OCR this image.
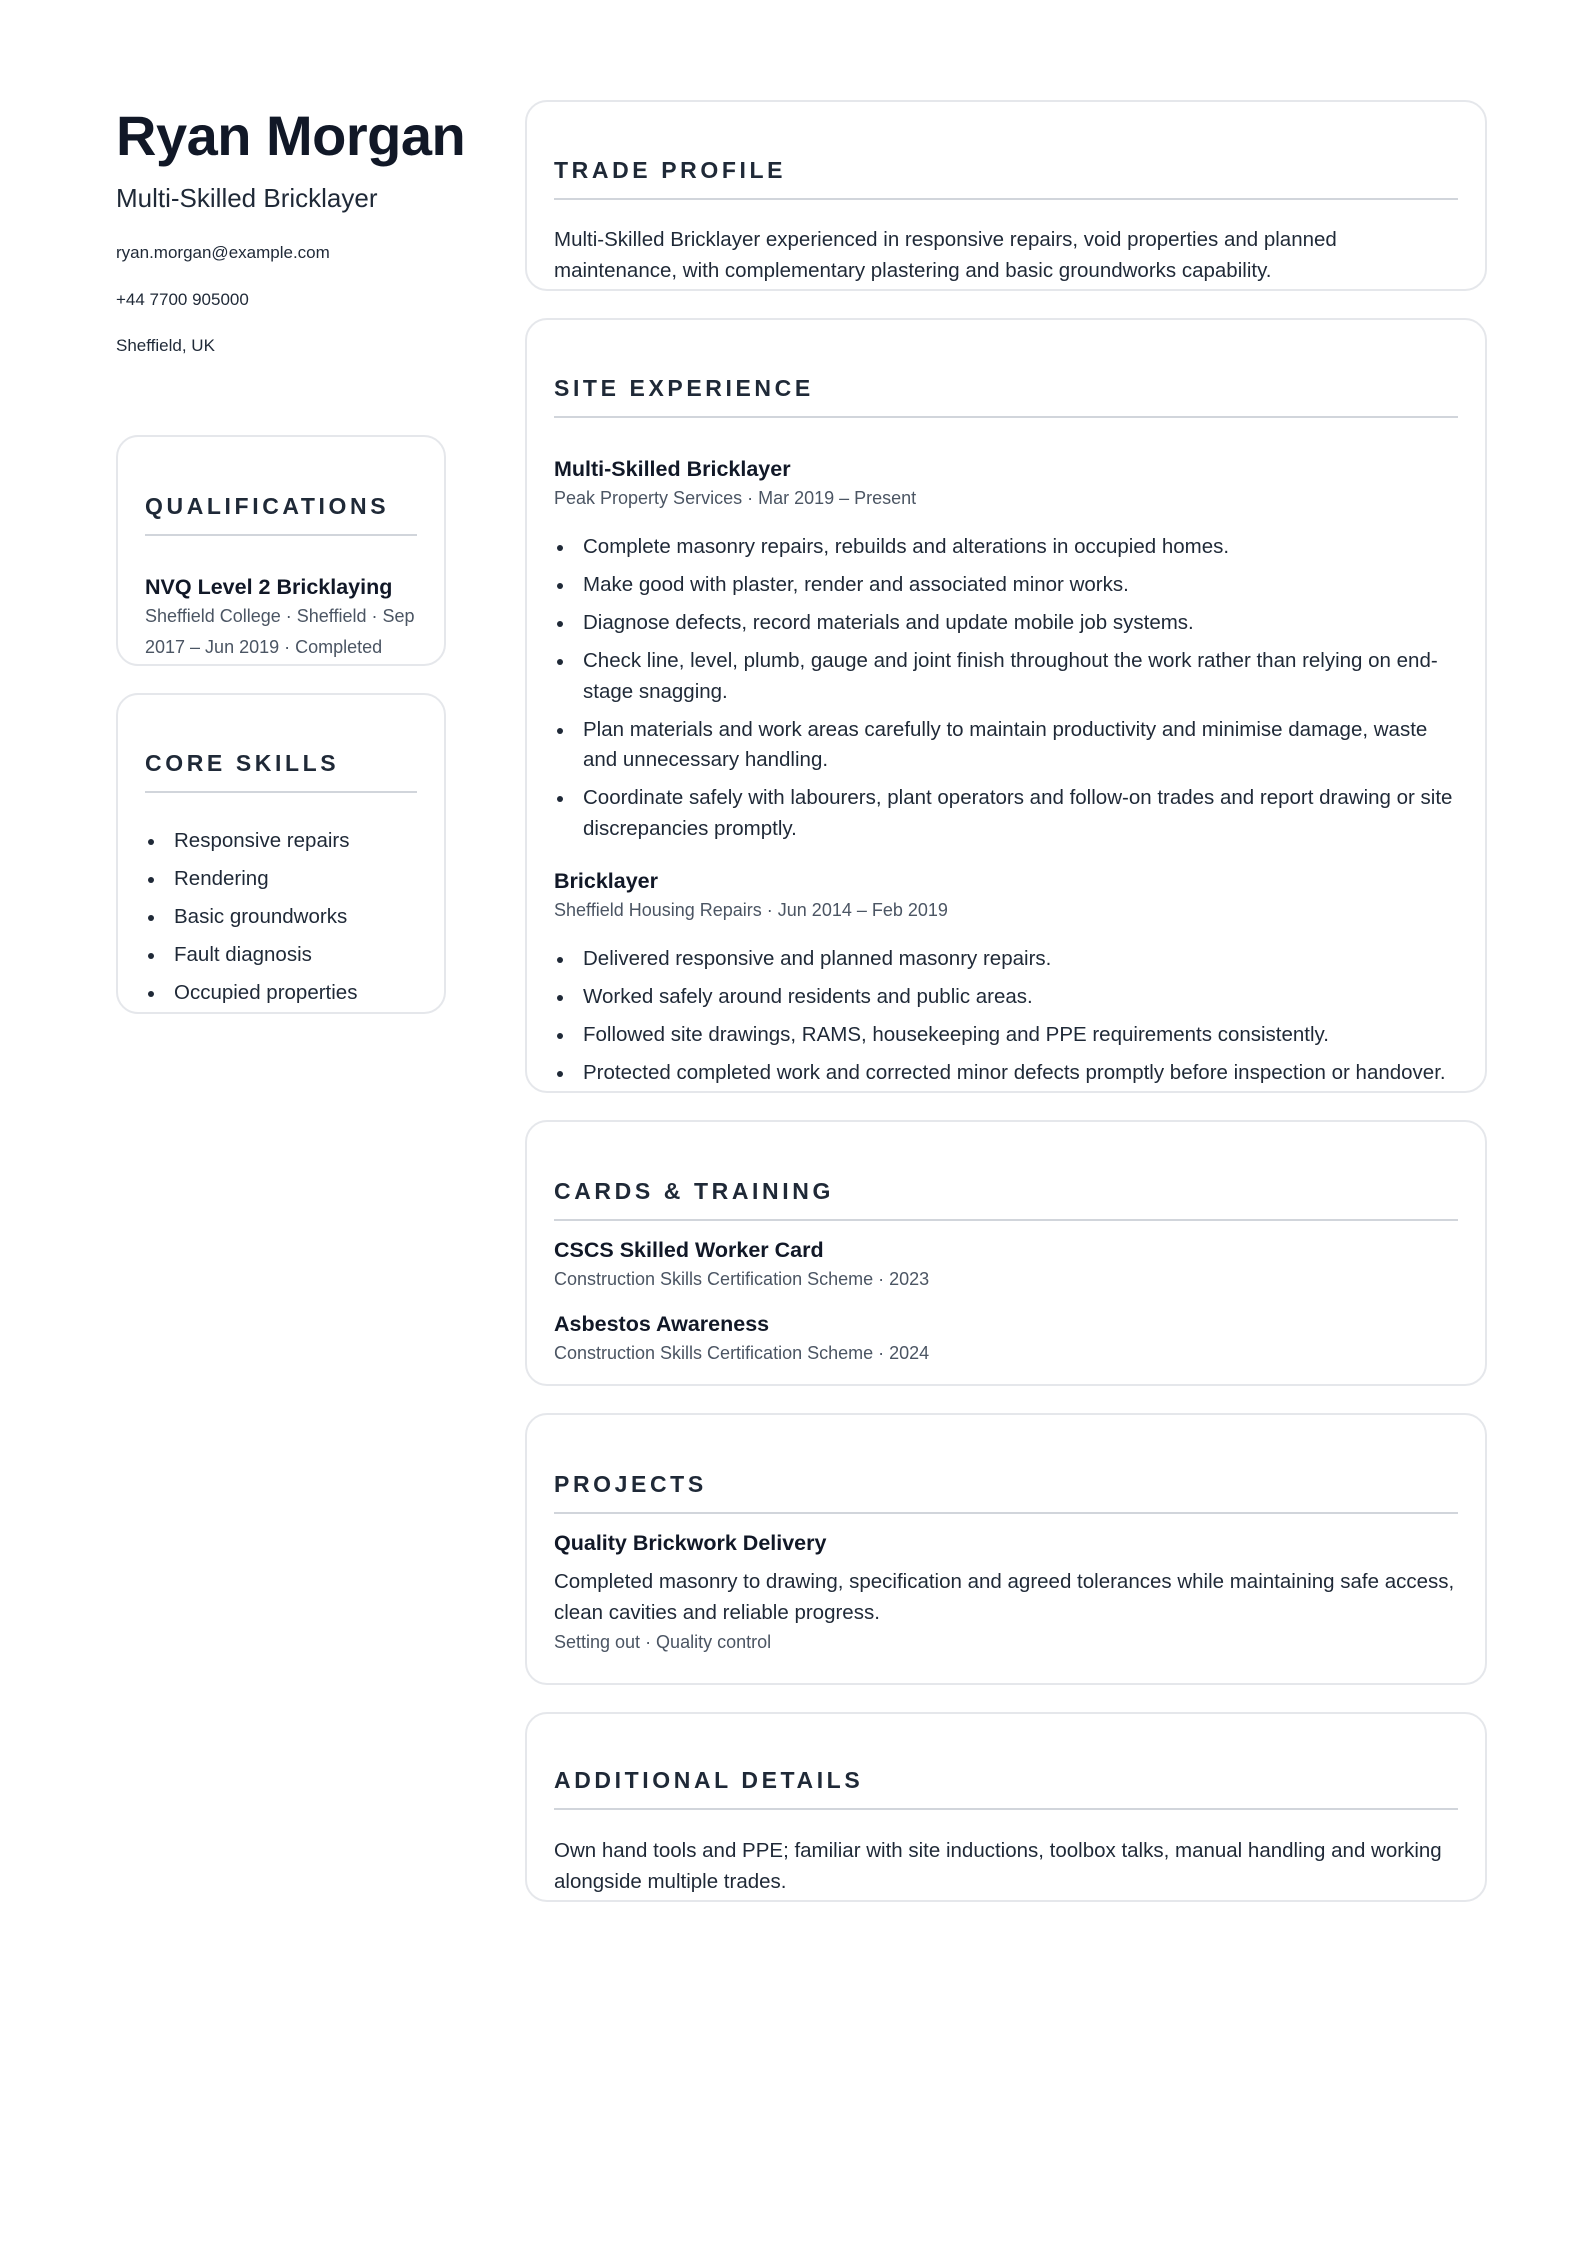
Ryan Morgan
Multi-Skilled Bricklayer
ryan.morgan@example.com
+44 7700 905000
Sheffield, UK
QUALIFICATIONS
NVQ Level 2 Bricklaying
Sheffield College · Sheffield · Sep 2017 – Jun 2019 · Completed
CORE SKILLS
Responsive repairs
Rendering
Basic groundworks
Fault diagnosis
Occupied properties
TRADE PROFILE
Multi-Skilled Bricklayer experienced in responsive repairs, void properties and planned maintenance, with complementary plastering and basic groundworks capability.
SITE EXPERIENCE
Multi-Skilled Bricklayer
Peak Property Services · Mar 2019 – Present
Complete masonry repairs, rebuilds and alterations in occupied homes.
Make good with plaster, render and associated minor works.
Diagnose defects, record materials and update mobile job systems.
Check line, level, plumb, gauge and joint finish throughout the work rather than relying on end-stage snagging.
Plan materials and work areas carefully to maintain productivity and minimise damage, waste and unnecessary handling.
Coordinate safely with labourers, plant operators and follow-on trades and report drawing or site discrepancies promptly.
Bricklayer
Sheffield Housing Repairs · Jun 2014 – Feb 2019
Delivered responsive and planned masonry repairs.
Worked safely around residents and public areas.
Followed site drawings, RAMS, housekeeping and PPE requirements consistently.
Protected completed work and corrected minor defects promptly before inspection or handover.
CARDS & TRAINING
CSCS Skilled Worker Card
Construction Skills Certification Scheme · 2023
Asbestos Awareness
Construction Skills Certification Scheme · 2024
PROJECTS
Quality Brickwork Delivery
Completed masonry to drawing, specification and agreed tolerances while maintaining safe access, clean cavities and reliable progress.
Setting out · Quality control
ADDITIONAL DETAILS
Own hand tools and PPE; familiar with site inductions, toolbox talks, manual handling and working alongside multiple trades.
